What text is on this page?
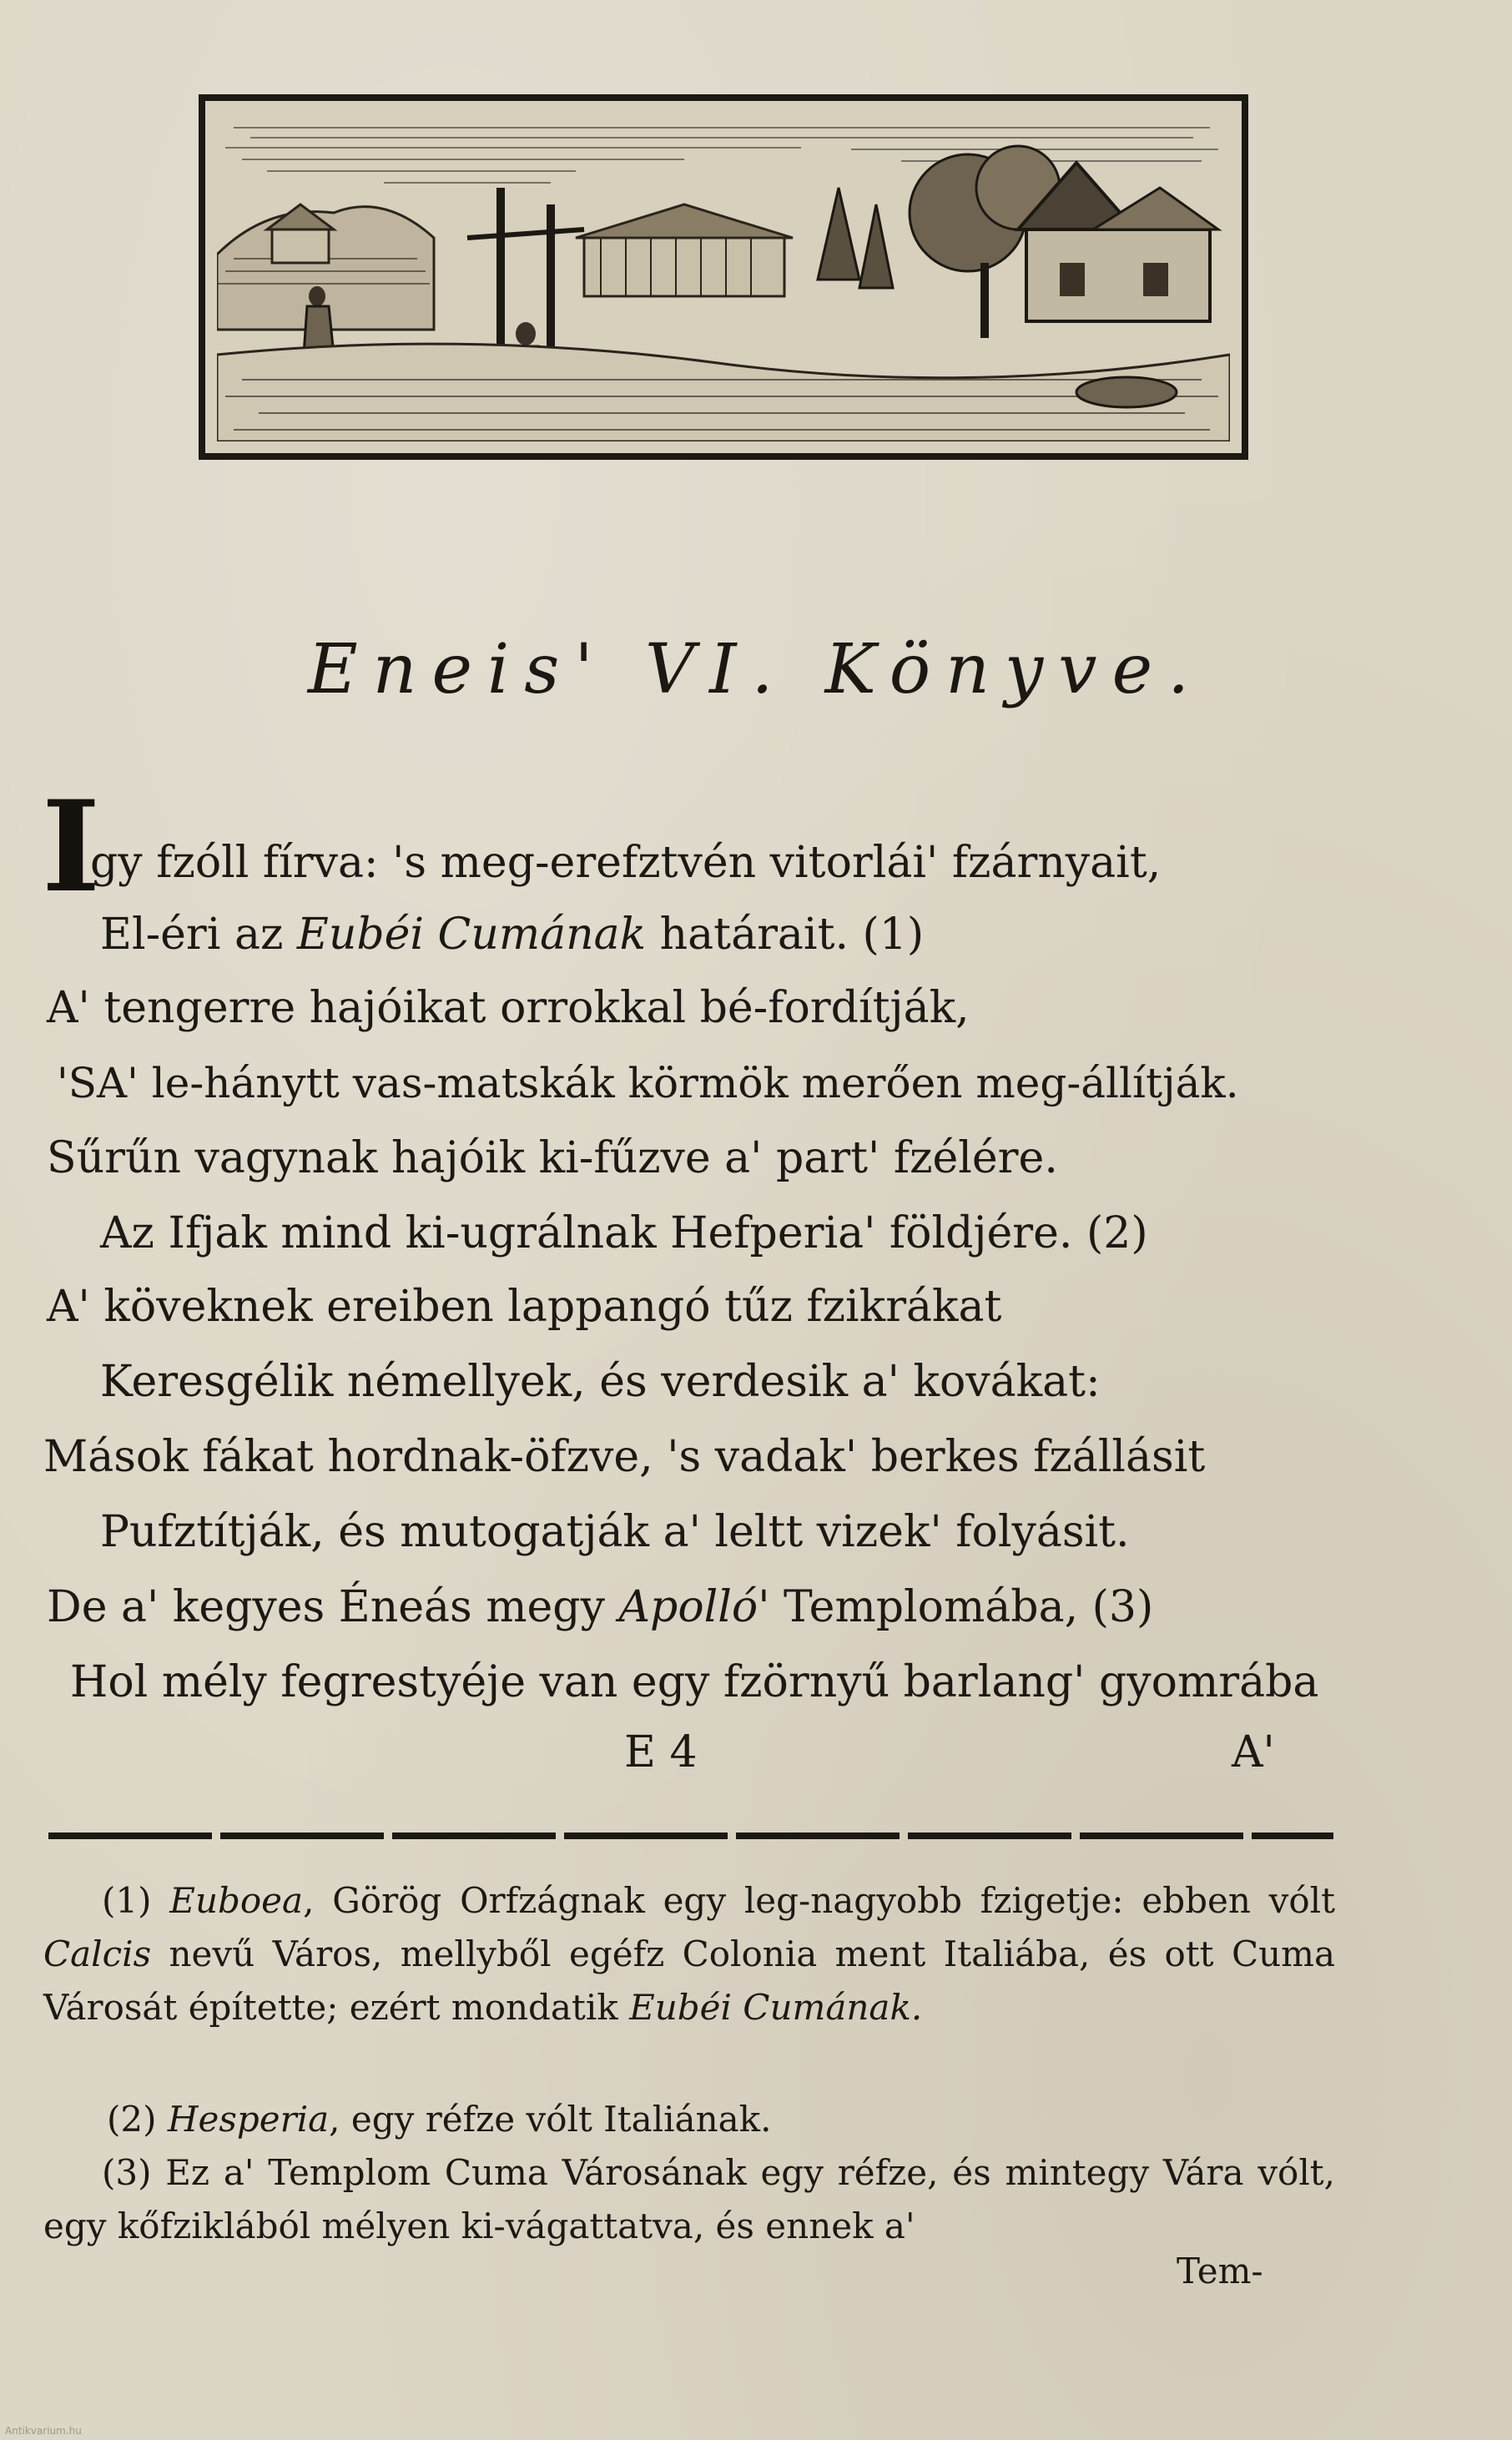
Eneis' VI. Könyve.
I
gy fzóll fírva: 's meg-erefztvén vitorlái' fzárnyait,
El-éri az Eubéi Cumának határait. (1)
A' tengerre hajóikat orrokkal bé-fordítják,
'SA' le-hánytt vas-matskák körmök merően meg-állítják.
Sűrűn vagynak hajóik ki-fűzve a' part' fzélére.
Az Ifjak mind ki-ugrálnak Hefperia' földjére. (2)
A' köveknek ereiben lappangó tűz fzikrákat
Keresgélik némellyek, és verdesik a' kovákat:
Mások fákat hordnak-öfzve, 's vadak' berkes fzállásit
Pufztítják, és mutogatják a' leltt vizek' folyásit.
De a' kegyes Éneás megy Apolló' Templomába, (3)
Hol mély fegrestyéje van egy fzörnyű barlang' gyomrába
E 4	A'
(1) Euboea, Görög Orfzágnak egy leg-nagyobb fzigetje: ebben vólt Calcis nevű Város, mellyből egéfz Colonia ment Italiába, és ott Cuma Városát építette; ezért mondatik Eubéi Cumának.
(2) Hesperia, egy réfze vólt Italiának.
(3) Ez a' Templom Cuma Városának egy réfze, és mintegy Vára vólt, egy kőfziklából mélyen ki-vágattatva, és ennek a'
Tem-
Antikvarium.hu
